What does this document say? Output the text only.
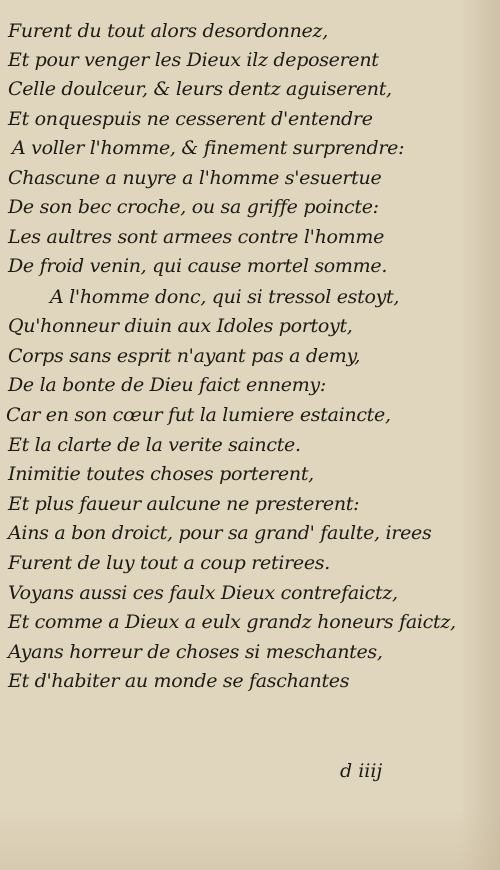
Furent du tout alors desordonnez,
Et pour venger les Dieux ilz deposerent
Celle doulceur, & leurs dentz aguiserent,
Et onquespuis ne cesserent d'entendre
A voller l'homme, & finement surprendre:
Chascune a nuyre a l'homme s'esuertue
De son bec croche, ou sa griffe poincte:
Les aultres sont armees contre l'homme
De froid venin, qui cause mortel somme.
A l'homme donc, qui si tressol estoyt,
Qu'honneur diuin aux Idoles portoyt,
Corps sans esprit n'ayant pas a demy,
De la bonte de Dieu faict ennemy:
Car en son cœur fut la lumiere estaincte,
Et la clarte de la verite saincte.
Inimitie toutes choses porterent,
Et plus faueur aulcune ne presterent:
Ains a bon droict, pour sa grand' faulte, irees
Furent de luy tout a coup retirees.
Voyans aussi ces faulx Dieux contrefaictz,
Et comme a Dieux a eulx grandz honeurs faictz,
Ayans horreur de choses si meschantes,
Et d'habiter au monde se faschantes
d iiij
